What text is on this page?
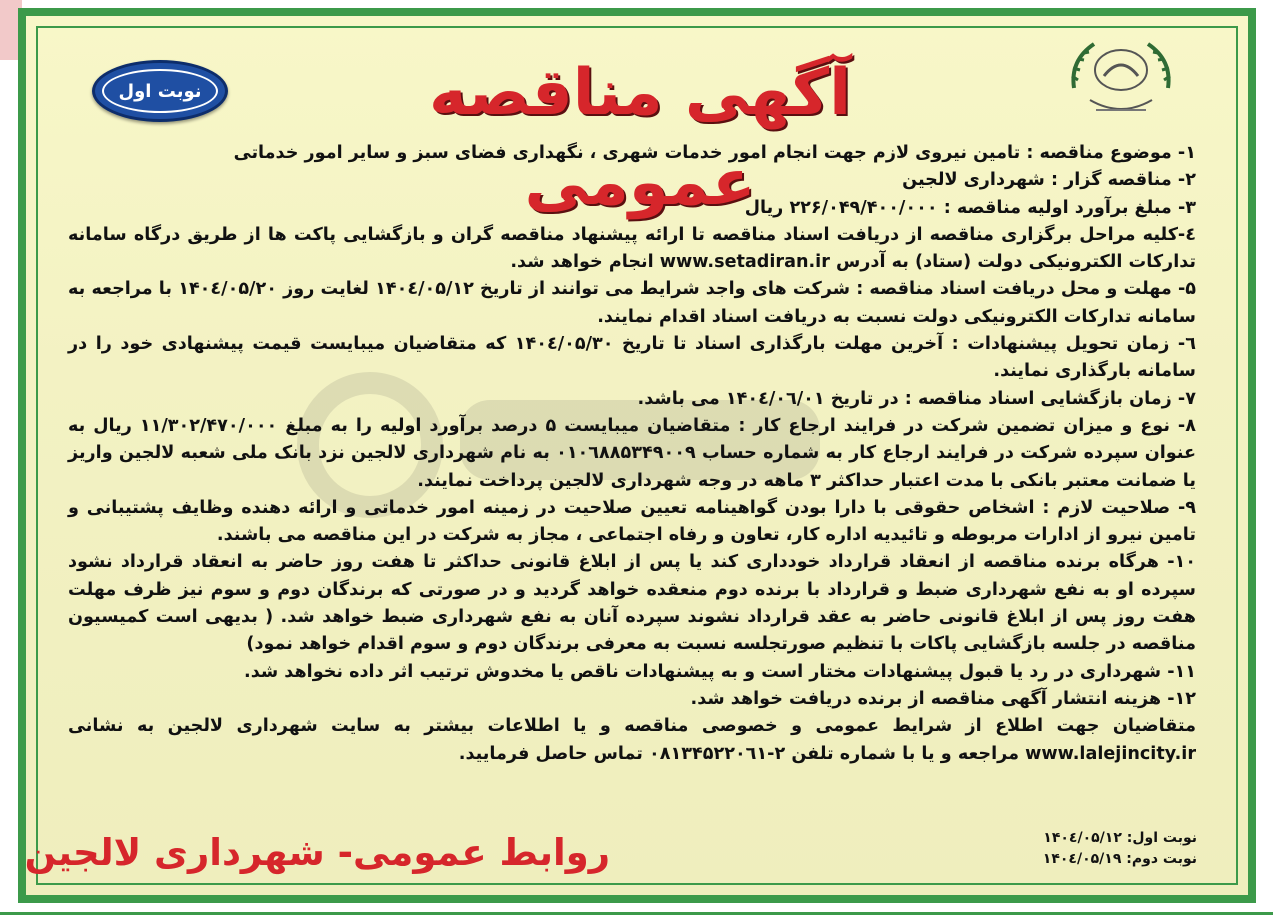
نوبت اول	آگهی مناقصه عمومی

۱- موضوع مناقصه : تامین نیروی لازم جهت انجام امور خدمات شهری ، نگهداری فضای سبز و سایر امور خدماتی

۲- مناقصه گزار : شهرداری لالجین

۳- مبلغ برآورد اولیه مناقصه : ۲۲۶/۰۴۹/۴۰۰/۰۰۰ ریال

٤-کلیه مراحل برگزاری مناقصه از دریافت اسناد مناقصه تا ارائه پیشنهاد مناقصه گران و بازگشایی پاکت ها از طریق درگاه سامانه تدارکات الکترونیکی دولت (ستاد) به آدرس www.setadiran.ir انجام خواهد شد.

۵- مهلت و محل دریافت اسناد مناقصه : شرکت های واجد شرایط می توانند از تاریخ ۱۴۰٤/۰۵/۱۲ لغایت روز ۱۴۰٤/۰۵/۲۰ با مراجعه به سامانه تدارکات الکترونیکی دولت نسبت به دریافت اسناد اقدام نمایند.

٦- زمان تحویل پیشنهادات : آخرین مهلت بارگذاری اسناد تا تاریخ ۱۴۰٤/۰۵/۳۰ که متقاضیان میبایست قیمت پیشنهادی خود را در سامانه بارگذاری نمایند.

۷- زمان بازگشایی اسناد مناقصه : در تاریخ ۱۴۰٤/۰٦/۰۱ می باشد.

۸- نوع و میزان تضمین شرکت در فرایند ارجاع کار : متقاضیان میبایست ۵ درصد برآورد اولیه را به مبلغ ۱۱/۳۰۲/۴۷۰/۰۰۰ ریال به عنوان سپرده شرکت در فرایند ارجاع کار به شماره حساب ۰۱۰٦۸۸۵۳۴۹۰۰۹ به نام شهرداری لالجین نزد بانک ملی شعبه لالجین واریز یا ضمانت معتبر بانکی با مدت اعتبار حداکثر ۳ ماهه در وجه شهرداری لالجین پرداخت نمایند.

۹- صلاحیت لازم : اشخاص حقوقی با دارا بودن گواهینامه تعیین صلاحیت در زمینه امور خدماتی و ارائه دهنده وظایف پشتیبانی و تامین نیرو از ادارات مربوطه و تائیدیه اداره کار، تعاون و رفاه اجتماعی ، مجاز به شرکت در این مناقصه می باشند.

۱۰- هرگاه برنده مناقصه از انعقاد قرارداد خودداری کند یا پس از ابلاغ قانونی حداکثر تا هفت روز حاضر به انعقاد قرارداد نشود سپرده او به نفع شهرداری ضبط و قرارداد با برنده دوم منعقده خواهد گردید و در صورتی که برندگان دوم و سوم نیز ظرف مهلت هفت روز پس از ابلاغ قانونی حاضر به عقد قرارداد نشوند سپرده آنان به نفع شهرداری ضبط خواهد شد. ( بدیهی است کمیسیون مناقصه در جلسه بازگشایی پاکات با تنظیم صورتجلسه نسبت به معرفی برندگان دوم و سوم اقدام خواهد نمود)

۱۱- شهرداری در رد یا قبول پیشنهادات مختار است و به پیشنهادات ناقص یا مخدوش ترتیب اثر داده نخواهد شد.

۱۲- هزینه انتشار آگهی مناقصه از برنده دریافت خواهد شد.

متقاضیان جهت اطلاع از شرایط عمومی و خصوصی مناقصه و یا اطلاعات بیشتر به سایت شهرداری لالجین به نشانی www.lalejincity.ir مراجعه و یا با شماره تلفن ۲-۰۸۱۳۴۵۲۲۰٦۱ تماس حاصل فرمایید.

نوبت اول: ۱۴۰٤/۰۵/۱۲
نوبت دوم: ۱۴۰٤/۰۵/۱۹
روابط عمومی- شهرداری لالجین
